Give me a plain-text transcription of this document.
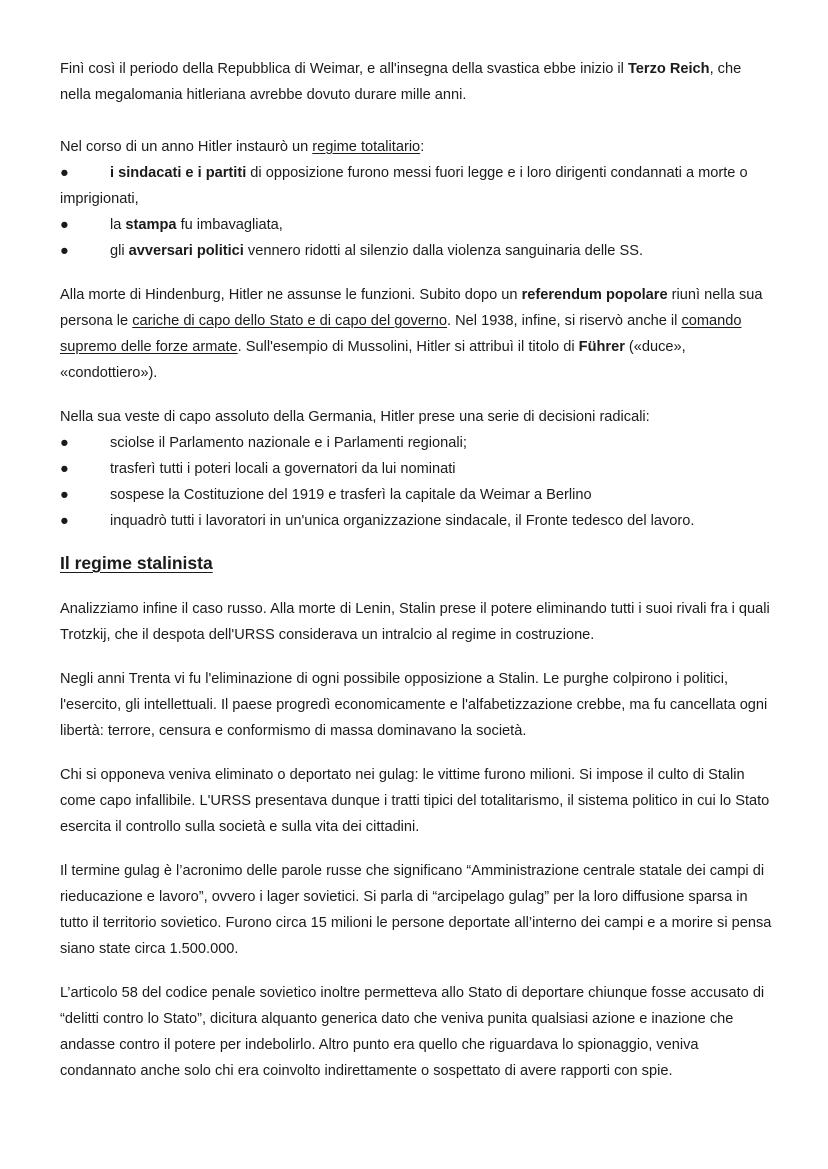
Finì così il periodo della Repubblica di Weimar, e all'insegna della svastica ebbe inizio il Terzo Reich, che nella megalomania hitleriana avrebbe dovuto durare mille anni.

Nel corso di un anno Hitler instaurò un regime totalitario:

●	i sindacati e i partiti di opposizione furono messi fuori legge e i loro dirigenti condannati a morte o imprigionati,
●	la stampa fu imbavagliata,
●	gli avversari politici vennero ridotti al silenzio dalla violenza sanguinaria delle SS.

Alla morte di Hindenburg, Hitler ne assunse le funzioni. Subito dopo un referendum popolare riunì nella sua persona le cariche di capo dello Stato e di capo del governo. Nel 1938, infine, si riservò anche il comando supremo delle forze armate. Sull'esempio di Mussolini, Hitler si attribuì il titolo di Führer («duce», «condottiero»).

Nella sua veste di capo assoluto della Germania, Hitler prese una serie di decisioni radicali:

●	sciolse il Parlamento nazionale e i Parlamenti regionali;
●	trasferì tutti i poteri locali a governatori da lui nominati
●	sospese la Costituzione del 1919 e trasferì la capitale da Weimar a Berlino
●	inquadrò tutti i lavoratori in un'unica organizzazione sindacale, il Fronte tedesco del lavoro.
Il regime stalinista

Analizziamo infine il caso russo. Alla morte di Lenin, Stalin prese il potere eliminando tutti i suoi rivali fra i quali Trotzkij, che il despota dell'URSS considerava un intralcio al regime in costruzione.

Negli anni Trenta vi fu l'eliminazione di ogni possibile opposizione a Stalin. Le purghe colpirono i politici, l'esercito, gli intellettuali. Il paese progredì economicamente e l'alfabetizzazione crebbe, ma fu cancellata ogni libertà: terrore, censura e conformismo di massa dominavano la società.

Chi si opponeva veniva eliminato o deportato nei gulag: le vittime furono milioni. Si impose il culto di Stalin come capo infallibile. L'URSS presentava dunque i tratti tipici del totalitarismo, il sistema politico in cui lo Stato esercita il controllo sulla società e sulla vita dei cittadini.

Il termine gulag è l’acronimo delle parole russe che significano “Amministrazione centrale statale dei campi di rieducazione e lavoro”, ovvero i lager sovietici. Si parla di “arcipelago gulag” per la loro diffusione sparsa in tutto il territorio sovietico. Furono circa 15 milioni le persone deportate all’interno dei campi e a morire si pensa siano state circa 1.500.000.

L’articolo 58 del codice penale sovietico inoltre permetteva allo Stato di deportare chiunque fosse accusato di “delitti contro lo Stato”, dicitura alquanto generica dato che veniva punita qualsiasi azione e inazione che andasse contro il potere per indebolirlo. Altro punto era quello che riguardava lo spionaggio, veniva condannato anche solo chi era coinvolto indirettamente o sospettato di avere rapporti con spie.
